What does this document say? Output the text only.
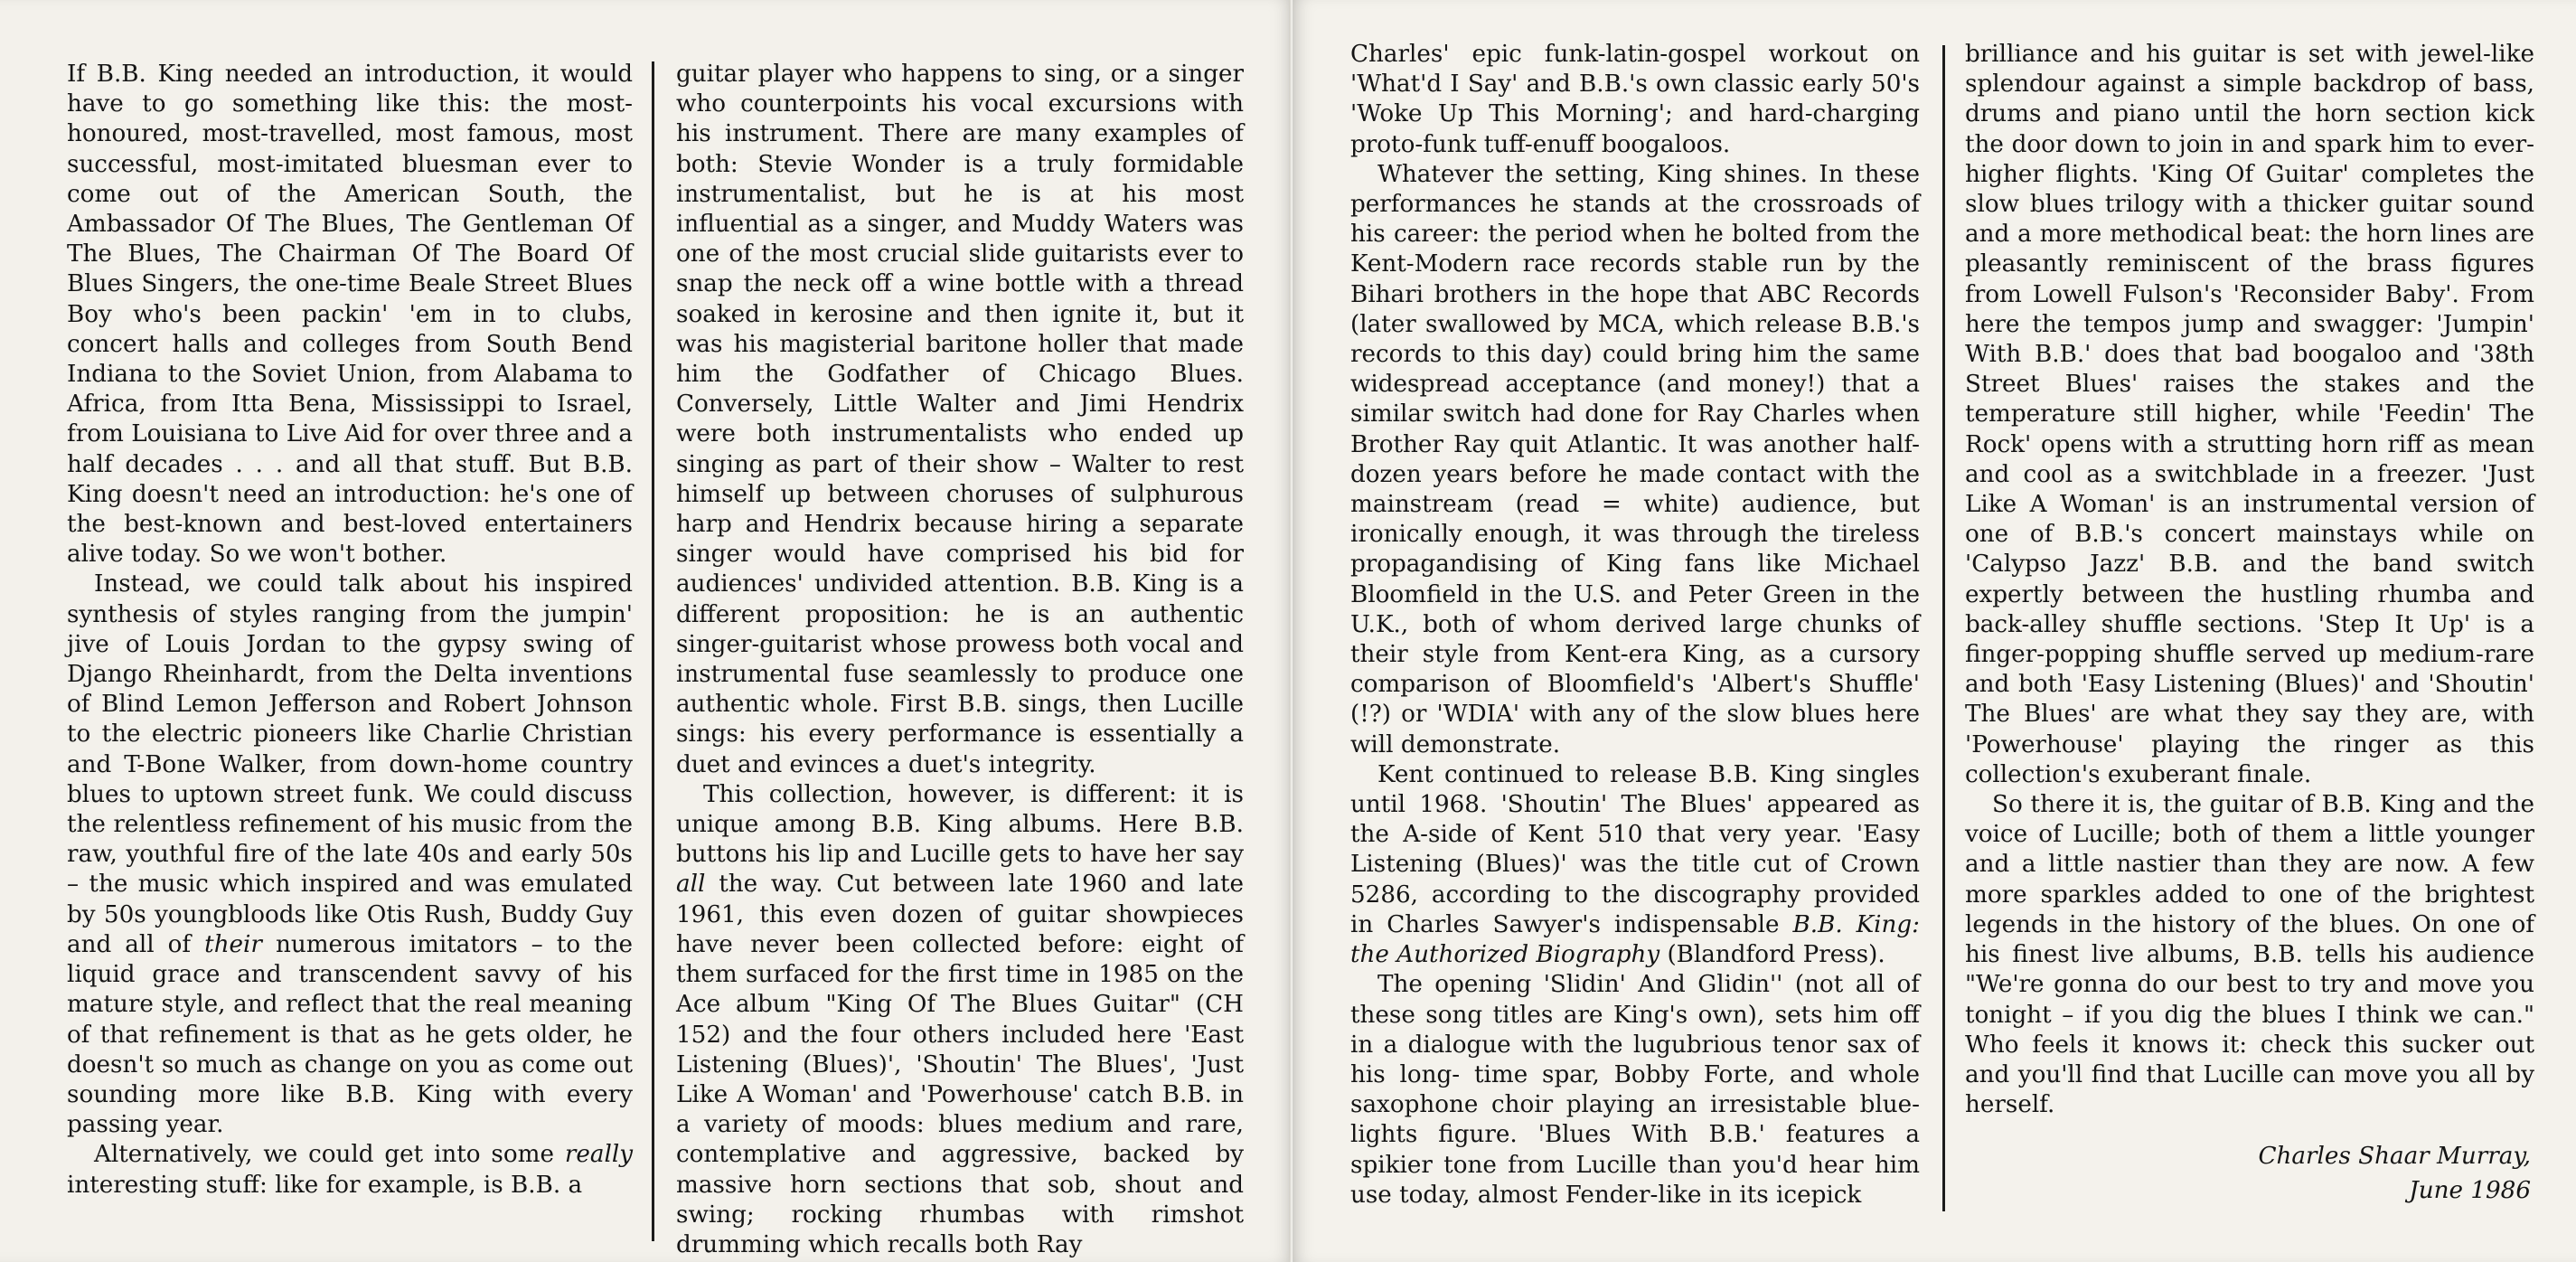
If B.B. King needed an introduction, it would have to go something like this: the most-honoured, most-travelled, most famous, most successful, most-imitated bluesman ever to come out of the American South, the Ambassador Of The Blues, The Gentleman Of The Blues, The Chairman Of The Board Of Blues Singers, the one-time Beale Street Blues Boy who's been packin' 'em in to clubs, concert halls and colleges from South Bend Indiana to the Soviet Union, from Alabama to Africa, from Itta Bena, Mississippi to Israel, from Louisiana to Live Aid for over three and a half decades . . . and all that stuff. But B.B. King doesn't need an introduction: he's one of the best-known and best-loved entertainers alive today. So we won't bother.

Instead, we could talk about his inspired synthesis of styles ranging from the jumpin' jive of Louis Jordan to the gypsy swing of Django Rheinhardt, from the Delta inventions of Blind Lemon Jefferson and Robert Johnson to the electric pioneers like Charlie Christian and T-Bone Walker, from down-home country blues to uptown street funk. We could discuss the relentless refinement of his music from the raw, youthful fire of the late 40s and early 50s – the music which inspired and was emulated by 50s youngbloods like Otis Rush, Buddy Guy and all of their numerous imitators – to the liquid grace and transcendent savvy of his mature style, and reflect that the real meaning of that refinement is that as he gets older, he doesn't so much as change on you as come out sounding more like B.B. King with every passing year.

Alternatively, we could get into some really interesting stuff: like for example, is B.B. a

guitar player who happens to sing, or a singer who counterpoints his vocal excursions with his instrument. There are many examples of both: Stevie Wonder is a truly formidable instrumentalist, but he is at his most influential as a singer, and Muddy Waters was one of the most crucial slide guitarists ever to snap the neck off a wine bottle with a thread soaked in kerosine and then ignite it, but it was his magisterial baritone holler that made him the Godfather of Chicago Blues. Conversely, Little Walter and Jimi Hendrix were both instrumentalists who ended up singing as part of their show – Walter to rest himself up between choruses of sulphurous harp and Hendrix because hiring a separate singer would have comprised his bid for audiences' undivided attention. B.B. King is a different proposition: he is an authentic singer-guitarist whose prowess both vocal and instrumental fuse seamlessly to produce one authentic whole. First B.B. sings, then Lucille sings: his every performance is essentially a duet and evinces a duet's integrity.

This collection, however, is different: it is unique among B.B. King albums. Here B.B. buttons his lip and Lucille gets to have her say all the way. Cut between late 1960 and late 1961, this even dozen of guitar showpieces have never been collected before: eight of them surfaced for the first time in 1985 on the Ace album "King Of The Blues Guitar" (CH 152) and the four others included here 'East Listening (Blues)', 'Shoutin' The Blues', 'Just Like A Woman' and 'Powerhouse' catch B.B. in a variety of moods: blues medium and rare, contemplative and aggressive, backed by massive horn sections that sob, shout and swing; rocking rhumbas with rimshot drumming which recalls both Ray

Charles' epic funk-latin-gospel workout on 'What'd I Say' and B.B.'s own classic early 50's 'Woke Up This Morning'; and hard-charging proto-funk tuff-enuff boogaloos.

Whatever the setting, King shines. In these performances he stands at the crossroads of his career: the period when he bolted from the Kent-Modern race records stable run by the Bihari brothers in the hope that ABC Records (later swallowed by MCA, which release B.B.'s records to this day) could bring him the same widespread acceptance (and money!) that a similar switch had done for Ray Charles when Brother Ray quit Atlantic. It was another half-dozen years before he made contact with the mainstream (read = white) audience, but ironically enough, it was through the tireless propagandising of King fans like Michael Bloomfield in the U.S. and Peter Green in the U.K., both of whom derived large chunks of their style from Kent-era King, as a cursory comparison of Bloomfield's 'Albert's Shuffle' (!?) or 'WDIA' with any of the slow blues here will demonstrate.

Kent continued to release B.B. King singles until 1968. 'Shoutin' The Blues' appeared as the A-side of Kent 510 that very year. 'Easy Listening (Blues)' was the title cut of Crown 5286, according to the discography provided in Charles Sawyer's indispensable B.B. King: the Authorized Biography (Blandford Press).

The opening 'Slidin' And Glidin'' (not all of these song titles are King's own), sets him off in a dialogue with the lugubrious tenor sax of his long- time spar, Bobby Forte, and whole saxophone choir playing an irresistable blue-lights figure. 'Blues With B.B.' features a spikier tone from Lucille than you'd hear him use today, almost Fender-like in its icepick

brilliance and his guitar is set with jewel-like splendour against a simple backdrop of bass, drums and piano until the horn section kick the door down to join in and spark him to ever-higher flights. 'King Of Guitar' completes the slow blues trilogy with a thicker guitar sound and a more methodical beat: the horn lines are pleasantly reminiscent of the brass figures from Lowell Fulson's 'Reconsider Baby'. From here the tempos jump and swagger: 'Jumpin' With B.B.' does that bad boogaloo and '38th Street Blues' raises the stakes and the temperature still higher, while 'Feedin' The Rock' opens with a strutting horn riff as mean and cool as a switchblade in a freezer. 'Just Like A Woman' is an instrumental version of one of B.B.'s concert mainstays while on 'Calypso Jazz' B.B. and the band switch expertly between the hustling rhumba and back-alley shuffle sections. 'Step It Up' is a finger-popping shuffle served up medium-rare and both 'Easy Listening (Blues)' and 'Shoutin' The Blues' are what they say they are, with 'Powerhouse' playing the ringer as this collection's exuberant finale.

So there it is, the guitar of B.B. King and the voice of Lucille; both of them a little younger and a little nastier than they are now. A few more sparkles added to one of the brightest legends in the history of the blues. On one of his finest live albums, B.B. tells his audience "We're gonna do our best to try and move you tonight – if you dig the blues I think we can." Who feels it knows it: check this sucker out and you'll find that Lucille can move you all by herself.

Charles Shaar Murray,
June 1986
